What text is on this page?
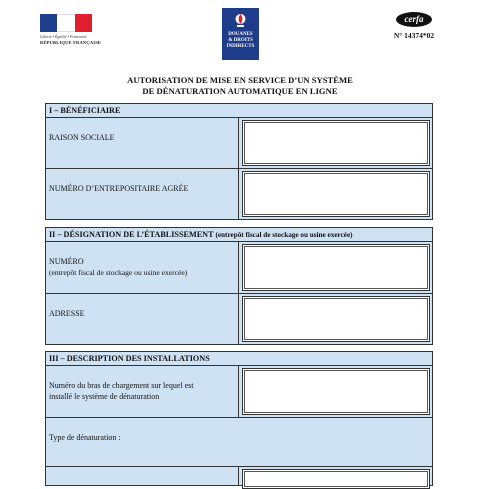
Liberté • Égalité • Fraternité
RÉPUBLIQUE FRANÇAISE
DOUANES
& DROITS
INDIRECTS
cerfa
N° 14374*02
AUTORISATION DE MISE EN SERVICE D’UN SYSTÈME
DE DÉNATURATION AUTOMATIQUE EN LIGNE
I – BÉNÉFICIAIRE
RAISON SOCIALE
NUMÉRO D’ENTREPOSITAIRE AGRÉE
II – DÉSIGNATION DE L’ÉTABLISSEMENT (entrepôt fiscal de stockage ou usine exercée)
NUMÉRO
(entrepôt fiscal de stockage ou usine exercée)
ADRESSE
III – DESCRIPTION DES INSTALLATIONS
Numéro du bras de chargement sur lequel est
installé le système de dénaturation
Type de dénaturation :
